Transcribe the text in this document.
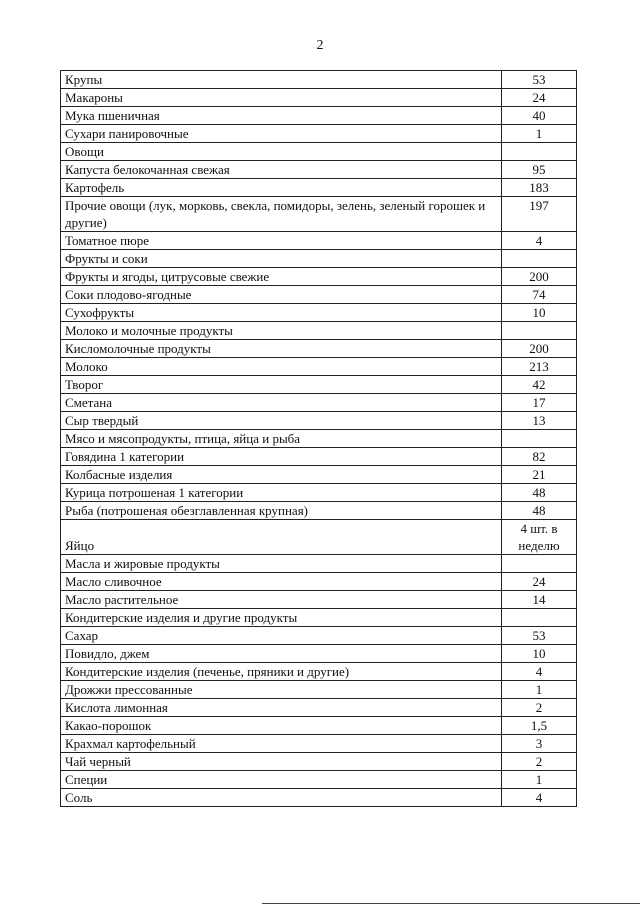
2
Крупы	53
Макароны	24
Мука пшеничная	40
Сухари панировочные	1
Овощи	
Капуста белокочанная свежая	95
Картофель	183
Прочие овощи (лук, морковь, свекла, помидоры, зелень, зеленый горошек и другие)	197
Томатное пюре	4
Фрукты и соки	
Фрукты и ягоды, цитрусовые свежие	200
Соки плодово-ягодные	74
Сухофрукты	10
Молоко и молочные продукты	
Кисломолочные продукты	200
Молоко	213
Творог	42
Сметана	17
Сыр твердый	13
Мясо и мясопродукты, птица, яйца и рыба	
Говядина 1 категории	82
Колбасные изделия	21
Курица потрошеная 1 категории	48
Рыба (потрошеная обезглавленная крупная)	48
Яйцо	4 шт. в неделю
Масла и жировые продукты	
Масло сливочное	24
Масло растительное	14
Кондитерские изделия и другие продукты	
Сахар	53
Повидло, джем	10
Кондитерские изделия (печенье, пряники и другие)	4
Дрожжи прессованные	1
Кислота лимонная	2
Какао-порошок	1,5
Крахмал картофельный	3
Чай черный	2
Специи	1
Соль	4
